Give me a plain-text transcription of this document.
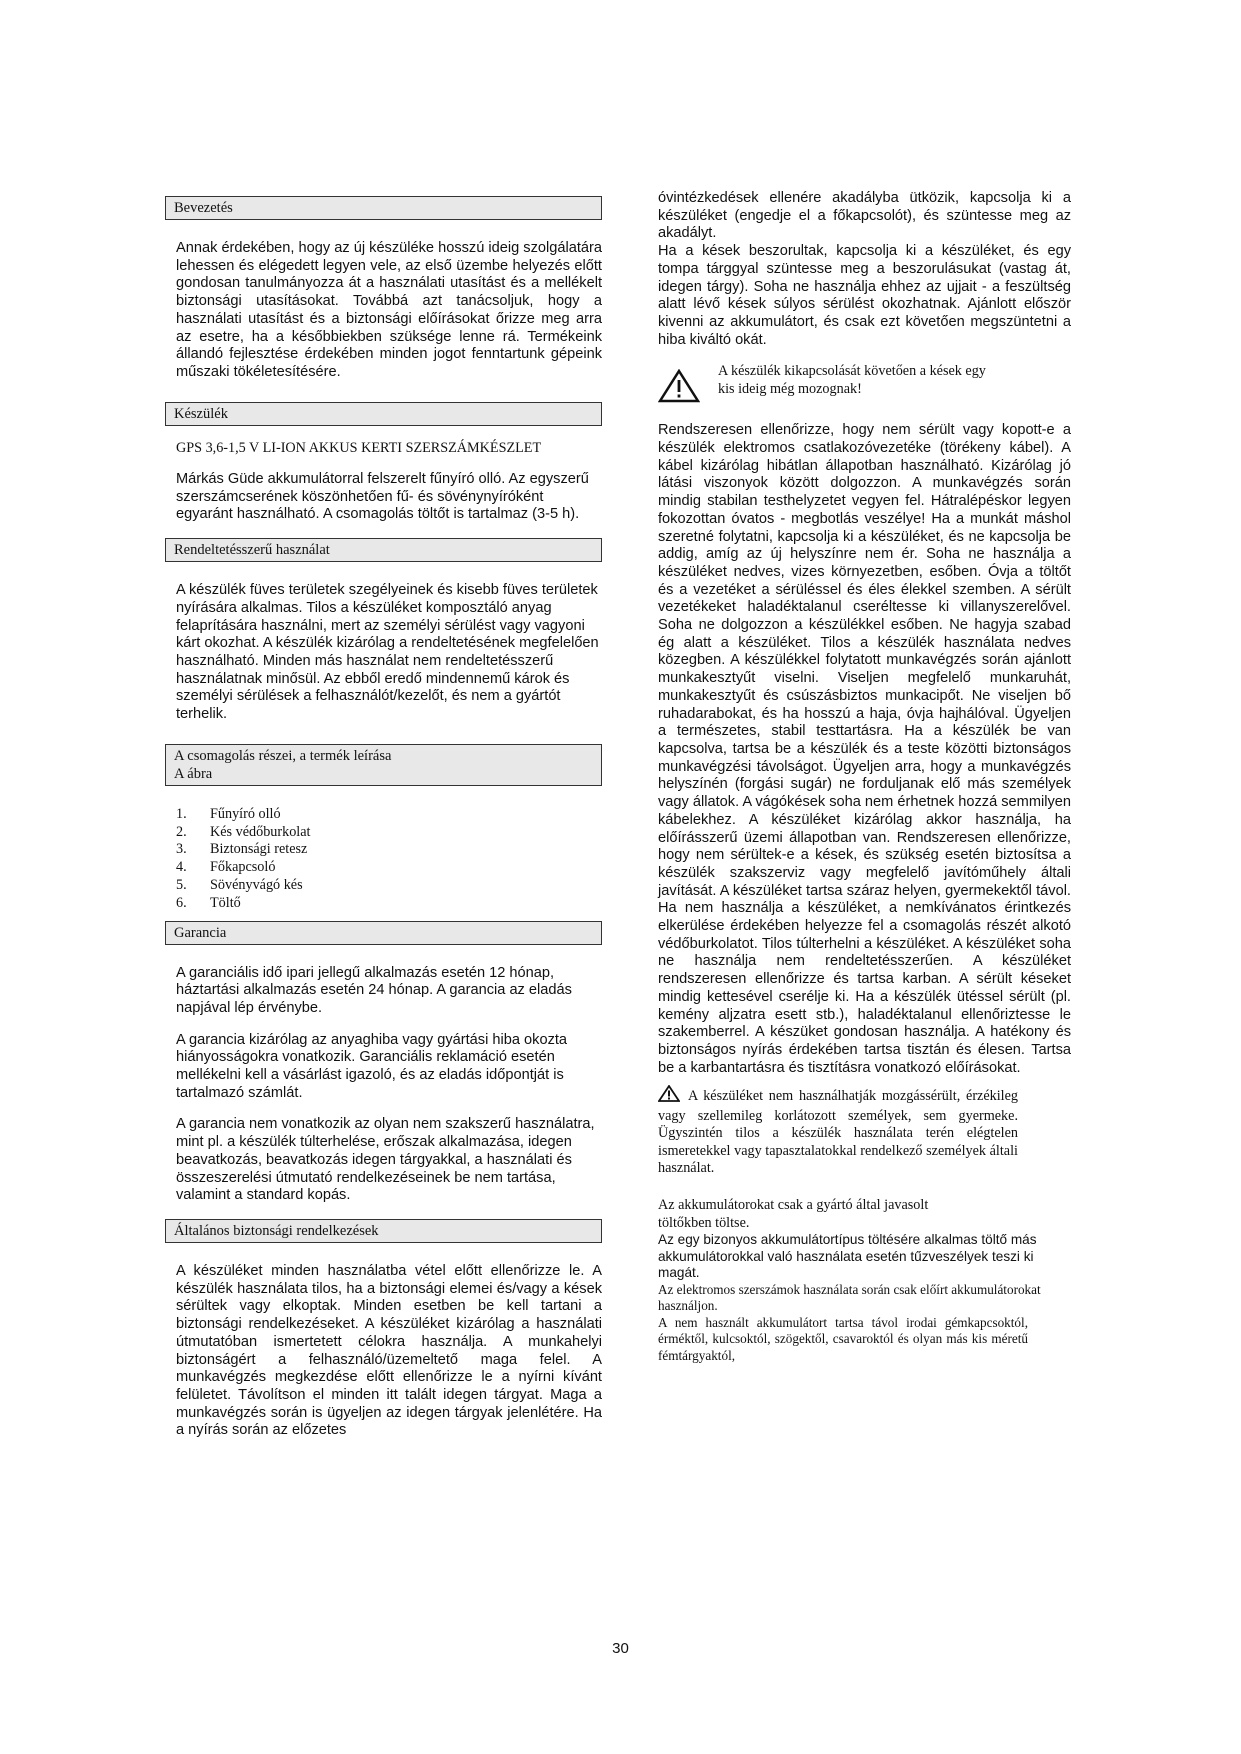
Bevezetés

Annak érdekében, hogy az új készüléke hosszú ideig szolgálatára lehessen és elégedett legyen vele, az első üzembe helyezés előtt gondosan tanulmányozza át a használati utasítást és a mellékelt biztonsági utasításokat. Továbbá azt tanácsoljuk, hogy a használati utasítást és a biztonsági előírásokat őrizze meg arra az esetre, ha a későbbiekben szüksége lenne rá. Termékeink állandó fejlesztése érdekében minden jogot fenntartunk gépeink műszaki tökéletesítésére.

Készülék

GPS 3,6-1,5 V LI-ION AKKUS KERTI SZERSZÁMKÉSZLET

Márkás Güde akkumulátorral felszerelt fűnyíró olló. Az egyszerű szerszámcserének köszönhetően fű- és sövénynyíróként egyaránt használható. A csomagolás töltőt is tartalmaz (3-5 h).

Rendeltetésszerű használat

A készülék füves területek szegélyeinek és kisebb füves területek nyírására alkalmas. Tilos a készüléket komposztáló anyag felaprítására használni, mert az személyi sérülést vagy vagyoni kárt okozhat. A készülék kizárólag a rendeltetésének megfelelően használható. Minden más használat nem rendeltetésszerű használatnak minősül. Az ebből eredő mindennemű károk és személyi sérülések a felhasználót/kezelőt, és nem a gyártót terhelik.

A csomagolás részei, a termék leírása
A ábra
1.	Fűnyíró olló
2.	Kés védőburkolat
3.	Biztonsági retesz
4.	Főkapcsoló
5.	Sövényvágó kés
6.	Töltő
Garancia

A garanciális idő ipari jellegű alkalmazás esetén 12 hónap, háztartási alkalmazás esetén 24 hónap. A garancia az eladás napjával lép érvénybe.

A garancia kizárólag az anyaghiba vagy gyártási hiba okozta hiányosságokra vonatkozik. Garanciális reklamáció esetén mellékelni kell a vásárlást igazoló, és az eladás időpontját is tartalmazó számlát.

A garancia nem vonatkozik az olyan nem szakszerű használatra, mint pl. a készülék túlterhelése, erőszak alkalmazása, idegen beavatkozás, beavatkozás idegen tárgyakkal, a használati és összeszerelési útmutató rendelkezéseinek be nem tartása, valamint a standard kopás.

Általános biztonsági rendelkezések

A készüléket minden használatba vétel előtt ellenőrizze le. A készülék használata tilos, ha a biztonsági elemei és/vagy a kések sérültek vagy elkoptak. Minden esetben be kell tartani a biztonsági rendelkezéseket. A készüléket kizárólag a használati útmutatóban ismertetett célokra használja. A munkahelyi biztonságért a felhasználó/üzemeltető maga felel. A munkavégzés megkezdése előtt ellenőrizze le a nyírni kívánt felületet. Távolítson el minden itt talált idegen tárgyat. Maga a munkavégzés során is ügyeljen az idegen tárgyak jelenlétére. Ha a nyírás során az előzetes

óvintézkedések ellenére akadályba ütközik, kapcsolja ki a készüléket (engedje el a főkapcsolót), és szüntesse meg az akadályt.

Ha a kések beszorultak, kapcsolja ki a készüléket, és egy tompa tárggyal szüntesse meg a beszorulásukat (vastag át, idegen tárgy). Soha ne használja ehhez az ujjait - a feszültség alatt lévő kések súlyos sérülést okozhatnak. Ajánlott először kivenni az akkumulátort, és csak ezt követően megszüntetni a hiba kiváltó okát.

A készülék kikapcsolását követően a kések egy kis ideig még mozognak!

Rendszeresen ellenőrizze, hogy nem sérült vagy kopott-e a készülék elektromos csatlakozóvezetéke (törékeny kábel). A kábel kizárólag hibátlan állapotban használható. Kizárólag jó látási viszonyok között dolgozzon. A munkavégzés során mindig stabilan testhelyzetet vegyen fel. Hátralépéskor legyen fokozottan óvatos - megbotlás veszélye! Ha a munkát máshol szeretné folytatni, kapcsolja ki a készüléket, és ne kapcsolja be addig, amíg az új helyszínre nem ér. Soha ne használja a készüléket nedves, vizes környezetben, esőben. Óvja a töltőt és a vezetéket a sérüléssel és éles élekkel szemben. A sérült vezetékeket haladéktalanul cseréltesse ki villanyszerelővel. Soha ne dolgozzon a készülékkel esőben. Ne hagyja szabad ég alatt a készüléket. Tilos a készülék használata nedves közegben. A készülékkel folytatott munkavégzés során ajánlott munkakesztyűt viselni. Viseljen megfelelő munkaruhát, munkakesztyűt és csúszásbiztos munkacipőt. Ne viseljen bő ruhadarabokat, és ha hosszú a haja, óvja hajhálóval. Ügyeljen a természetes, stabil testtartásra. Ha a készülék be van kapcsolva, tartsa be a készülék és a teste közötti biztonságos munkavégzési távolságot. Ügyeljen arra, hogy a munkavégzés helyszínén (forgási sugár) ne forduljanak elő más személyek vagy állatok. A vágókések soha nem érhetnek hozzá semmilyen kábelekhez. A készüléket kizárólag akkor használja, ha előírásszerű üzemi állapotban van. Rendszeresen ellenőrizze, hogy nem sérültek-e a kések, és szükség esetén biztosítsa a készülék szakszerviz vagy megfelelő javítóműhely általi javítását. A készüléket tartsa száraz helyen, gyermekektől távol. Ha nem használja a készüléket, a nemkívánatos érintkezés elkerülése érdekében helyezze fel a csomagolás részét alkotó védőburkolatot. Tilos túlterhelni a készüléket. A készüléket soha ne használja nem rendeltetésszerűen. A készüléket rendszeresen ellenőrizze és tartsa karban. A sérült késeket mindig kettesével cserélje ki. Ha a készülék ütéssel sérült (pl. kemény aljzatra esett stb.), haladéktalanul ellenőriztesse le szakemberrel. A készüket gondosan használja. A hatékony és biztonságos nyírás érdekében tartsa tisztán és élesen. Tartsa be a karbantartásra és tisztításra vonatkozó előírásokat.

A készüléket nem használhatják mozgássérült, érzékileg vagy szellemileg korlátozott személyek, sem gyermeke. Ügyszintén tilos a készülék használata terén elégtelen ismeretekkel vagy tapasztalatokkal rendelkező személyek általi használat.

Az akkumulátorokat csak a gyártó által javasolt töltőkben töltse.

Az egy bizonyos akkumulátortípus töltésére alkalmas töltő más akkumulátorokkal való használata esetén tűzveszélyek teszi ki magát.

Az elektromos szerszámok használata során csak előírt akkumulátorokat használjon.

A nem használt akkumulátort tartsa távol irodai gémkapcsoktól, érméktől, kulcsoktól, szögektől, csavaroktól és olyan más kis méretű fémtárgyaktól,

30
